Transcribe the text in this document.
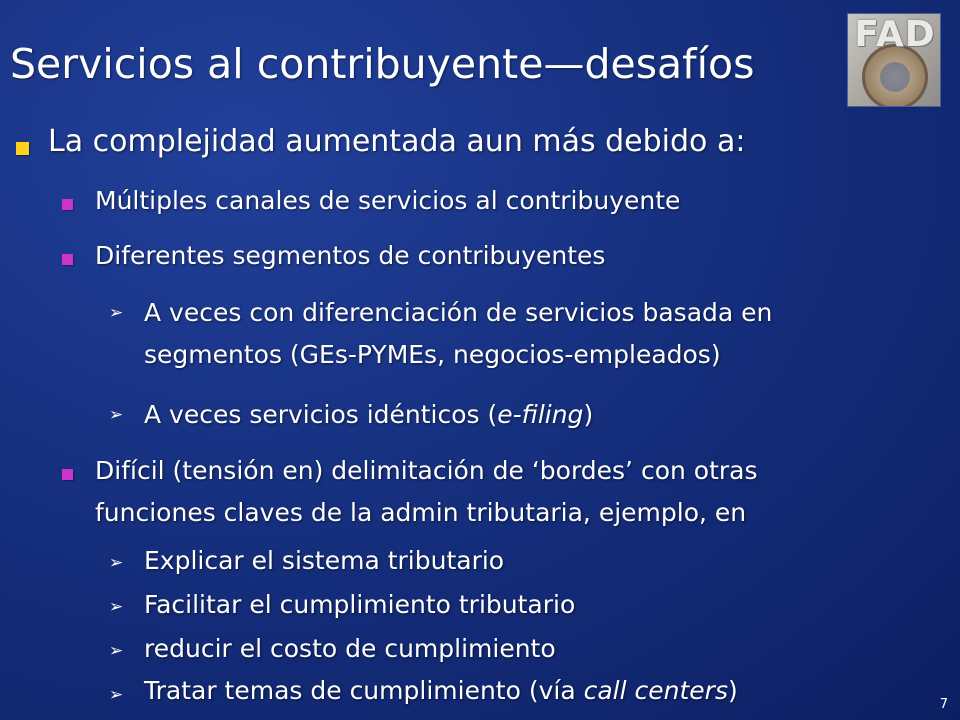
Servicios al contribuyente—desafíos
FAD
La complejidad aumentada aun más debido a:
Múltiples canales de servicios al contribuyente
Diferentes segmentos de contribuyentes
➢ A veces con diferenciación de servicios basada en
segmentos (GEs-PYMEs, negocios-empleados)
➢ A veces servicios idénticos (e-filing)
Difícil (tensión en) delimitación de ‘bordes’ con otras
funciones claves de la admin tributaria, ejemplo, en
➢ Explicar el sistema tributario
➢ Facilitar el cumplimiento tributario
➢ reducir el costo de cumplimiento
➢ Tratar temas de cumplimiento (vía call centers)	7
